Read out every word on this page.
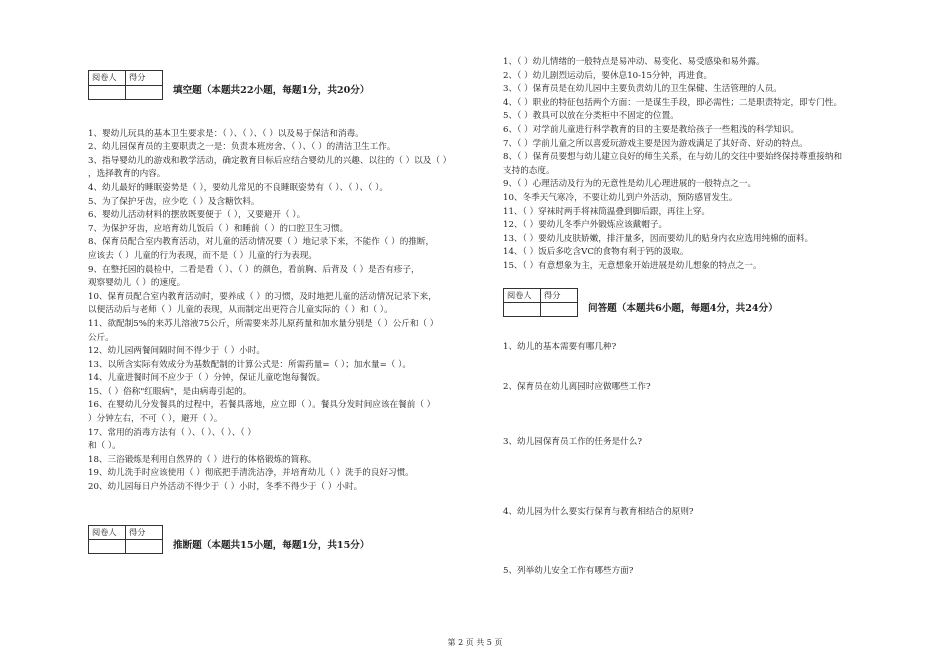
阅卷人	得分

填空题（本题共22小题，每题1分，共20分）
1、婴幼儿玩具的基本卫生要求是：（ ）、（ ）、（ ）以及易于保洁和消毒。
2、幼儿园保育员的主要职责之一是：负责本班房舍、（ ）、（ ）的清洁卫生工作。
3、指导婴幼儿的游戏和教学活动，确定教育目标后应结合婴幼儿的兴趣、以往的（ ）以及（ ）
，选择教育的内容。
4、幼儿最好的睡眠姿势是（ ），要幼儿常见的不良睡眠姿势有（ ）、（ ）、（ ）。
5、为了保护牙齿，应少吃（ ）及含糖饮料。
6、婴幼儿活动材料的摆放既要便于（ ），又要避开（ ）。
7、为保护牙齿，应培育幼儿饭后（ ）和睡前（ ）的口腔卫生习惯。
8、保育员配合室内教育活动，对儿童的活动情况要（ ）地记录下来，不能作（ ）的推断，
应该去（ ）儿童的行为表现，而不是（ ）儿童的行为表现。
9、在整托园的晨检中，二看是看（ ）、（ ）的颜色，看前胸、后背及（ ）是否有疹子，
观察婴幼儿（ ）的速度。
10、保育员配合室内教育活动时，要养成（ ）的习惯，及时地把儿童的活动情况记录下来，
以便活动后与老师（ ）儿童的表现，从而制定出更符合儿童实际的（ ）和（ ）。
11、欲配制5%的来苏儿溶液75公斤，所需要来苏儿原药量和加水量分别是（ ）公斤和（ ）
公斤。
12、幼儿园两餐间隔时间不得少于（ ）小时。
13、以所含实际有效成分为基数配制的计算公式是：所需药量=（ ）；加水量=（ ）。
14、儿童进餐时间不应少于（ ）分钟，保证儿童吃饱每餐饭。
15、（ ）俗称"红眼病"，是由病毒引起的。
16、在婴幼儿分发餐具的过程中，若餐具落地，应立即（ ）。餐具分发时间应该在餐前（ ）
）分钟左右，不可（ ），避开（ ）。
17、常用的消毒方法有（ ）、（ ）、（ ）、（ ）
和（ ）。
18、三浴锻炼是利用自然界的（ ）进行的体格锻炼的简称。
19、幼儿洗手时应该使用（ ）彻底把手清洗洁净，并培育幼儿（ ）洗手的良好习惯。
20、幼儿园每日户外活动不得少于（ ）小时，冬季不得少于（ ）小时。
阅卷人	得分

推断题（本题共15小题，每题1分，共15分）
1、（ ）幼儿情绪的一般特点是易冲动、易变化、易受感染和易外露。
2、（ ）幼儿剧烈运动后，要休息10-15分钟，再进食。
3、（ ）保育员是在幼儿园中主要负责幼儿的卫生保健、生活管理的人员。
4、（ ）职业的特征包括两个方面：一是谋生手段，即必需性；二是职责特定，即专门性。
5、（ ）教具可以放在分类柜中不固定的位置。
6、（ ）对学前儿童进行科学教育的目的主要是教给孩子一些粗浅的科学知识。
7、（ ）学前儿童之所以喜爱玩游戏主要是因为游戏满足了其好奇、好动的特点。
8、（ ）保育员要想与幼儿建立良好的师生关系，在与幼儿的交往中要始终保持尊重接纳和
支持的态度。
9、（ ）心理活动及行为的无意性是幼儿心理进展的一般特点之一。
10、冬季天气寒冷，不要让幼儿到户外活动，预防感冒发生。
11、（ ）穿袜时两手将袜筒温叠到脚后跟，再往上穿。
12、（ ）要幼儿冬季户外锻炼应该戴帽子。
13、（ ）要幼儿皮肤娇嫩，排汗量多，因而要幼儿的贴身内衣应选用纯棉的面料。
14、（ ）饭后多吃含VC的食物有利于钙的汲取。
15、（ ）有意想象为主，无意想象开始进展是幼儿想象的特点之一。
阅卷人	得分

问答题（本题共6小题，每题4分，共24分）
1、幼儿的基本需要有哪几种?
2、保育员在幼儿离园时应做哪些工作?
3、幼儿园保育员工作的任务是什么?
4、幼儿园为什么要实行保育与教育相结合的原则?
5、列举幼儿安全工作有哪些方面?
第 2 页 共 5 页
